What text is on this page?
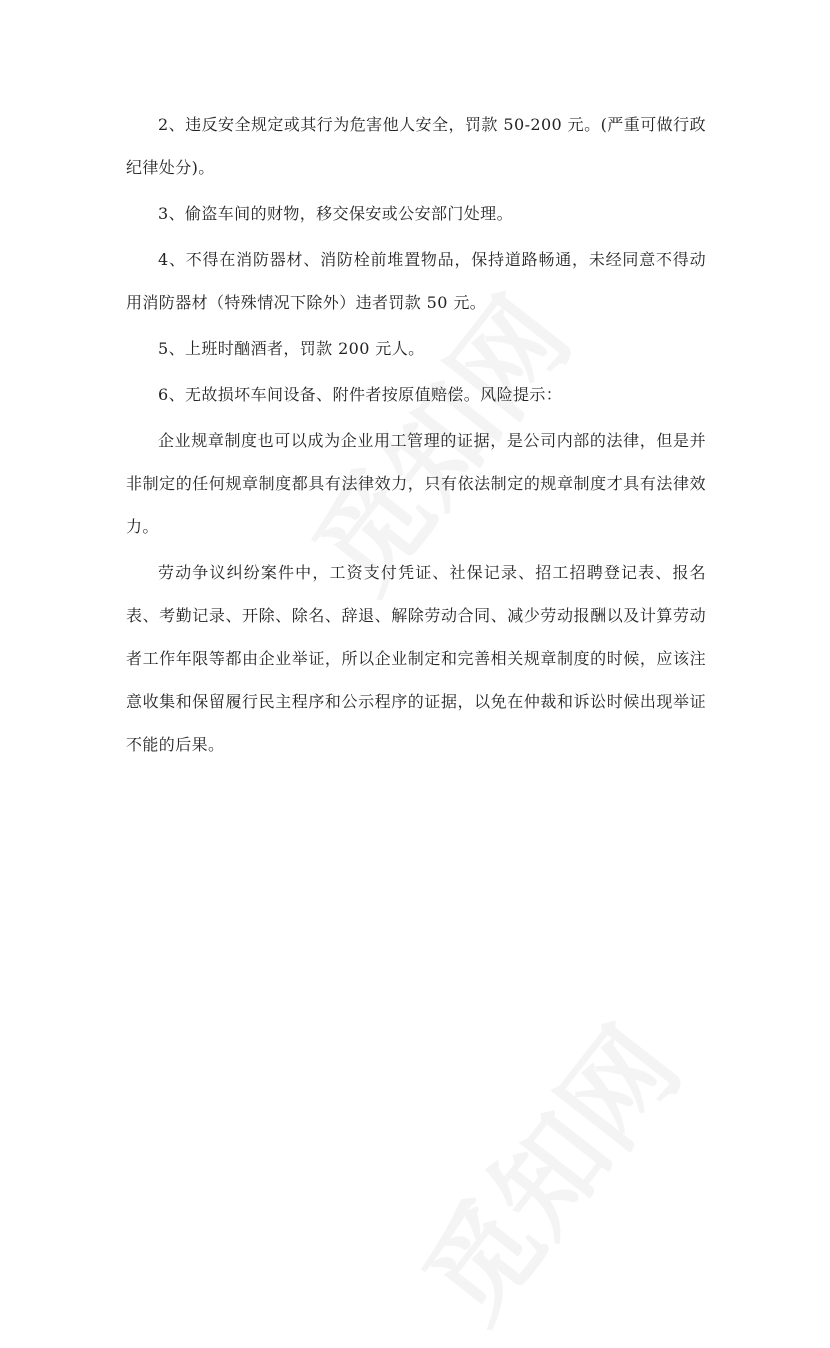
2、违反安全规定或其行为危害他人安全，罚款 50-200 元。(严重可做行政纪律处分)。

3、偷盗车间的财物，移交保安或公安部门处理。

4、不得在消防器材、消防栓前堆置物品，保持道路畅通，未经同意不得动用消防器材（特殊情况下除外）违者罚款 50 元。

5、上班时酗酒者，罚款 200 元人。

6、无故损坏车间设备、附件者按原值赔偿。风险提示：

企业规章制度也可以成为企业用工管理的证据，是公司内部的法律，但是并非制定的任何规章制度都具有法律效力，只有依法制定的规章制度才具有法律效力。

劳动争议纠纷案件中，工资支付凭证、社保记录、招工招聘登记表、报名表、考勤记录、开除、除名、辞退、解除劳动合同、减少劳动报酬以及计算劳动者工作年限等都由企业举证，所以企业制定和完善相关规章制度的时候，应该注意收集和保留履行民主程序和公示程序的证据，以免在仲裁和诉讼时候出现举证不能的后果。
